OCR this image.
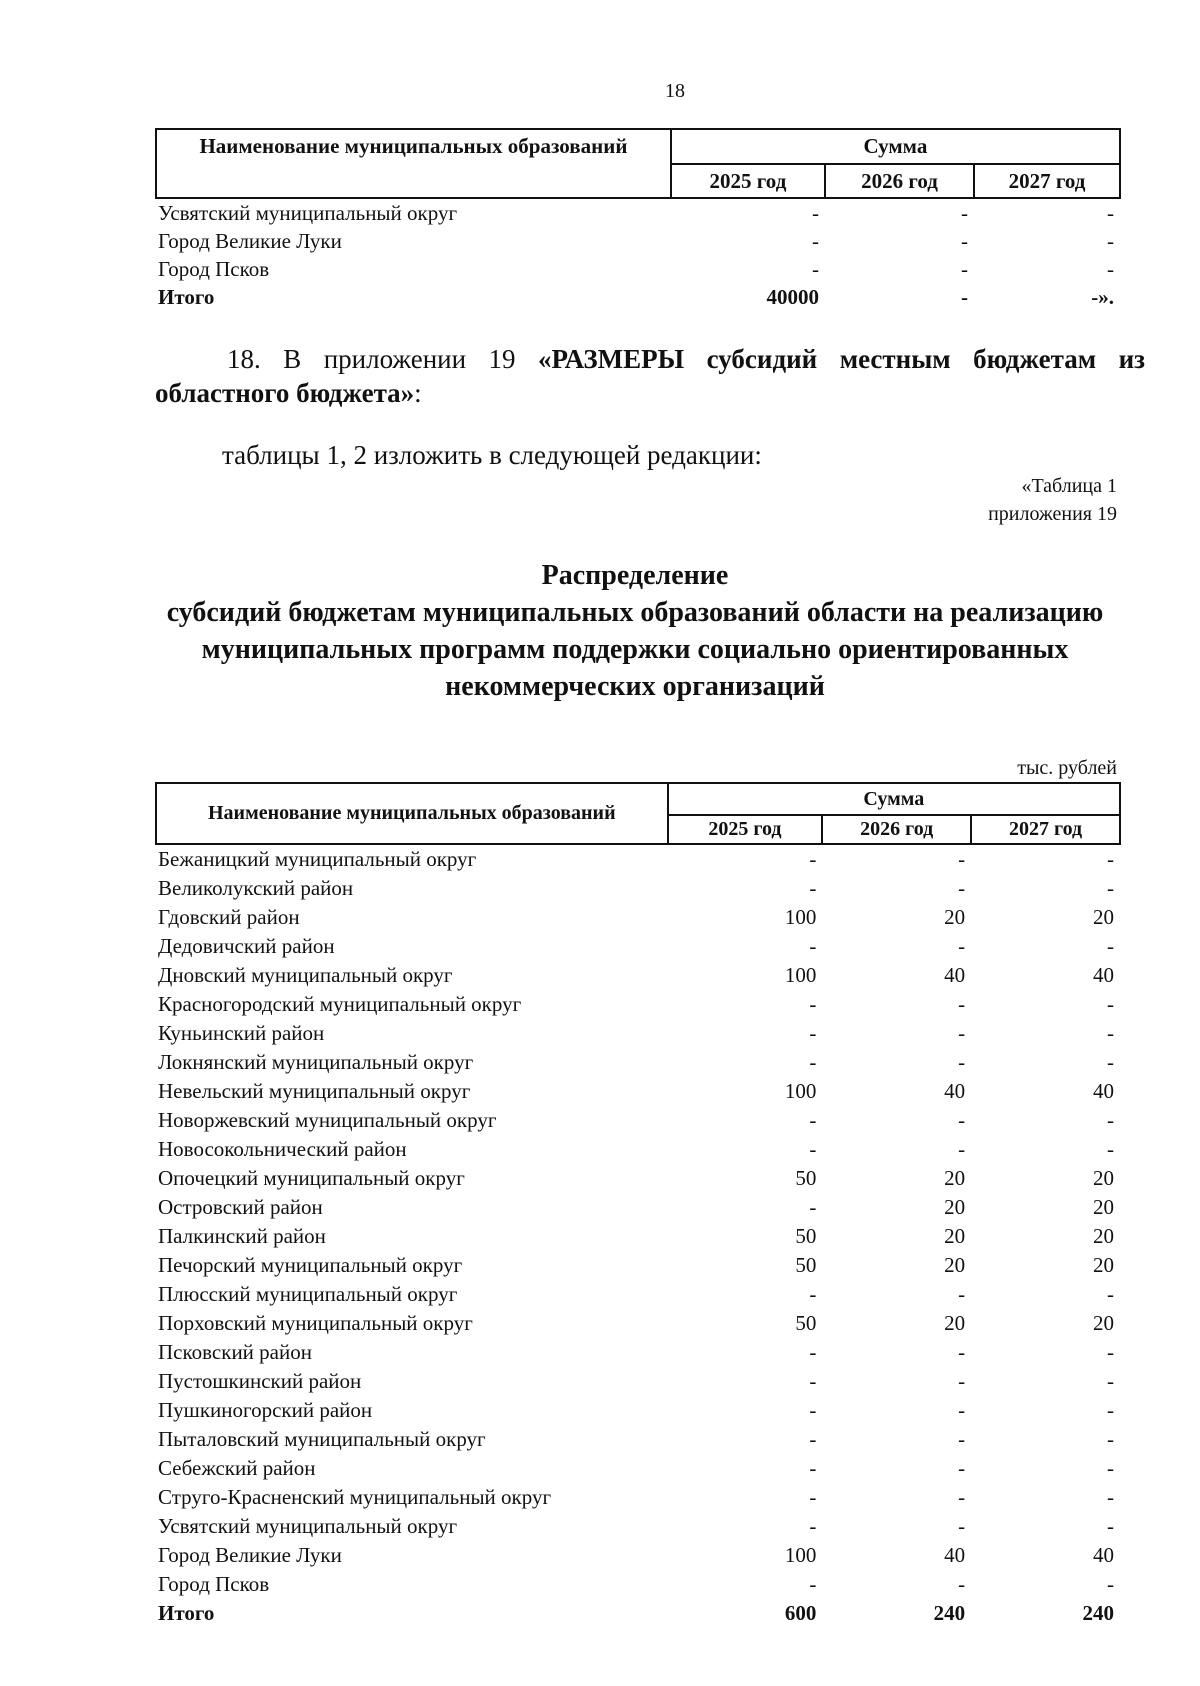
18
Наименование муниципальных образований	Сумма		
	2025 год	2026 год	2027 год
Усвятский муниципальный округ	-	-	-
Город Великие Луки	-	-	-
Город Псков	-	-	-
Итого	40000	-	-».
18. В приложении 19 «РАЗМЕРЫ субсидий местным бюджетам из областного бюджета»:
таблицы 1, 2 изложить в следующей редакции:
«Таблица 1
приложения 19
Распределение
субсидий бюджетам муниципальных образований области на реализацию
муниципальных программ поддержки социально ориентированных
некоммерческих организаций
тыс. рублей
Наименование муниципальных образований	Сумма		
	2025 год	2026 год	2027 год
Бежаницкий муниципальный округ	-	-	-
Великолукский район	-	-	-
Гдовский район	100	20	20
Дедовичский район	-	-	-
Дновский муниципальный округ	100	40	40
Красногородский муниципальный округ	-	-	-
Куньинский район	-	-	-
Локнянский муниципальный округ	-	-	-
Невельский муниципальный округ	100	40	40
Новоржевский муниципальный округ	-	-	-
Новосокольнический район	-	-	-
Опочецкий муниципальный округ	50	20	20
Островский район	-	20	20
Палкинский район	50	20	20
Печорский муниципальный округ	50	20	20
Плюсский муниципальный округ	-	-	-
Порховский муниципальный округ	50	20	20
Псковский район	-	-	-
Пустошкинский район	-	-	-
Пушкиногорский район	-	-	-
Пыталовский муниципальный округ	-	-	-
Себежский район	-	-	-
Струго-Красненский муниципальный округ	-	-	-
Усвятский муниципальный округ	-	-	-
Город Великие Луки	100	40	40
Город Псков	-	-	-
Итого	600	240	240
